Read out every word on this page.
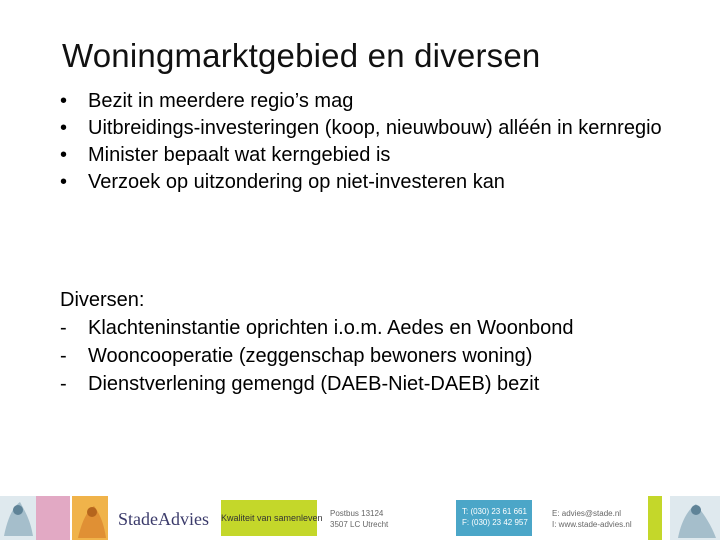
Woningmarktgebied en diversen
• Bezit in meerdere regio’s mag
• Uitbreidings-investeringen (koop, nieuwbouw) alléén in kernregio
• Minister bepaalt wat kerngebied is
• Verzoek op uitzondering op niet-investeren kan
Diversen:
- Klachteninstantie oprichten i.o.m. Aedes en Woonbond
- Wooncooperatie (zeggenschap bewoners woning)
- Dienstverlening gemengd (DAEB-Niet-DAEB) bezit
StadeAdvies Kwaliteit van samenleven Postbus 13124
3507 LC Utrecht
T: (030) 23 61 661
F: (030) 23 42 957
E: advies@stade.nl
I: www.stade-advies.nl
